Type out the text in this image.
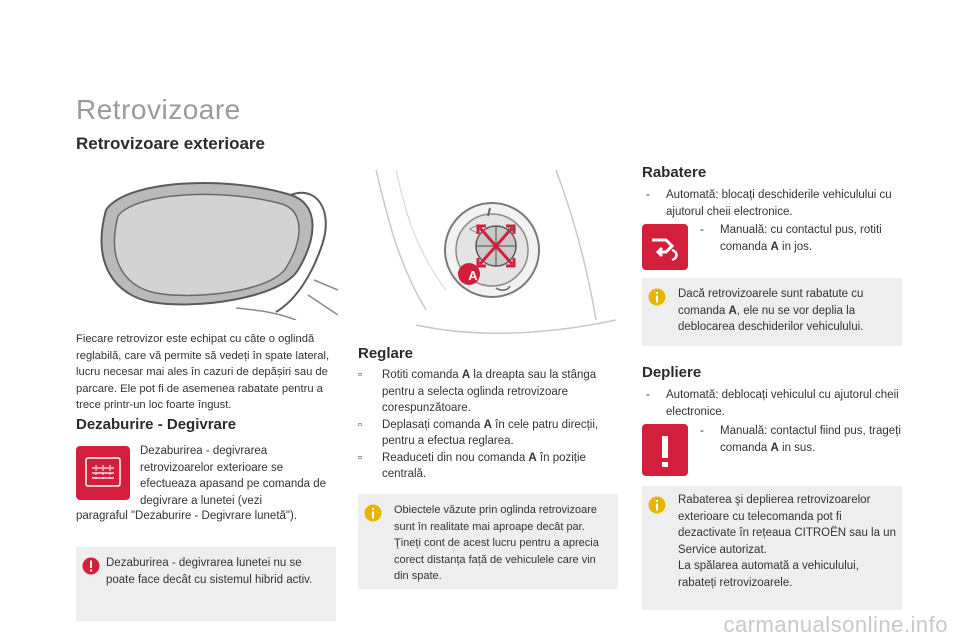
Retrovizoare
Retrovizoare exterioare
Fiecare retrovizor este echipat cu câte o oglindă reglabilă, care vă permite să vedeți în spate lateral, lucru necesar mai ales în cazuri de depășiri sau de parcare. Ele pot fi de asemenea rabatate pentru a trece printr-un loc foarte îngust.
Dezaburire - Degivrare
Dezaburirea - degivrarea retrovizoarelor exterioare se efectueaza apasand pe comanda de degivrare a lunetei (vezi
paragraful "Dezaburire - Degivrare lunetă").
Dezaburirea - degivrarea lunetei nu se poate face decât cu sistemul hibrid activ.
◁	▷
A
Reglare
▫ Rotiti comanda A la dreapta sau la stânga pentru a selecta oglinda retrovizoare corespunzătoare.
▫ Deplasați comanda A în cele patru direcții, pentru a efectua reglarea.
▫ Readuceti din nou comanda A în poziție centrală.
Obiectele văzute prin oglinda retrovizoare sunt în realitate mai aproape decât par. Ţineți cont de acest lucru pentru a aprecia corect distanța față de vehiculele care vin din spate.
Rabatere
- Automată: blocați deschiderile vehiculului cu ajutorul cheii electronice.
- Manuală: cu contactul pus, rotiti comanda A in jos.
Dacă retrovizoarele sunt rabatute cu comanda A, ele nu se vor deplia la deblocarea deschiderilor vehiculului.
Depliere
- Automată: deblocați vehiculul cu ajutorul cheii electronice.
- Manuală: contactul fiind pus, trageți comanda A in sus.
Rabaterea şi deplierea retrovizoarelor exterioare cu telecomanda pot fi dezactivate în rețeaua CITROËN sau la un Service autorizat.
La spălarea automată a vehiculului, rabateți retrovizoarele.
carmanualsonline.info
